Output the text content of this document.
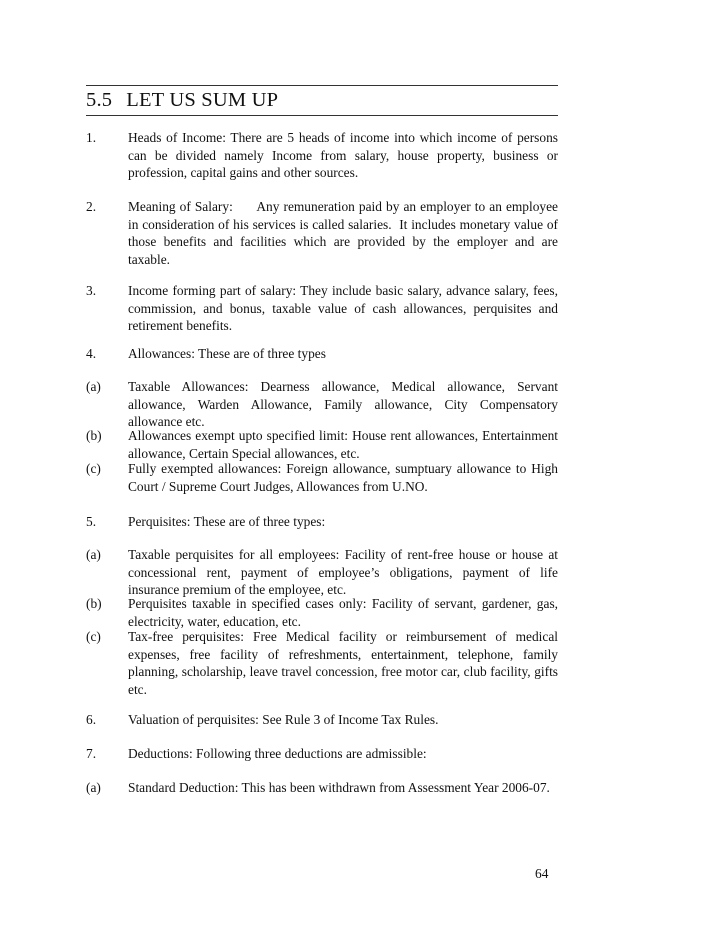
5.5 LET US SUM UP
1. Heads of Income: There are 5 heads of income into which income of persons can be divided namely Income from salary, house property, business or profession, capital gains and other sources.
2. Meaning of Salary:      Any remuneration paid by an employer to an employee in consideration of his services is called salaries.  It includes monetary value of those benefits and facilities which are provided by the employer and are taxable.
3. Income forming part of salary: They include basic salary, advance salary, fees, commission, and bonus, taxable value of cash allowances, perquisites and retirement benefits.
4. Allowances: These are of three types
(a) Taxable Allowances: Dearness allowance, Medical allowance, Servant allowance, Warden Allowance, Family allowance, City Compensatory allowance etc.
(b) Allowances exempt upto specified limit: House rent allowances, Entertainment allowance, Certain Special allowances, etc.
(c) Fully exempted allowances: Foreign allowance, sumptuary allowance to High Court / Supreme Court Judges, Allowances from U.NO.
5. Perquisites: These are of three types:
(a) Taxable perquisites for all employees: Facility of rent-free house or house at concessional rent, payment of employee’s obligations, payment of life insurance premium of the employee, etc.
(b) Perquisites taxable in specified cases only: Facility of servant, gardener, gas, electricity, water, education, etc.
(c) Tax-free perquisites: Free Medical facility or reimbursement of medical expenses, free facility of refreshments, entertainment, telephone, family planning, scholarship, leave travel concession, free motor car, club facility, gifts etc.
6. Valuation of perquisites: See Rule 3 of Income Tax Rules.
7. Deductions: Following three deductions are admissible:
(a) Standard Deduction: This has been withdrawn from Assessment Year 2006-07.
64
